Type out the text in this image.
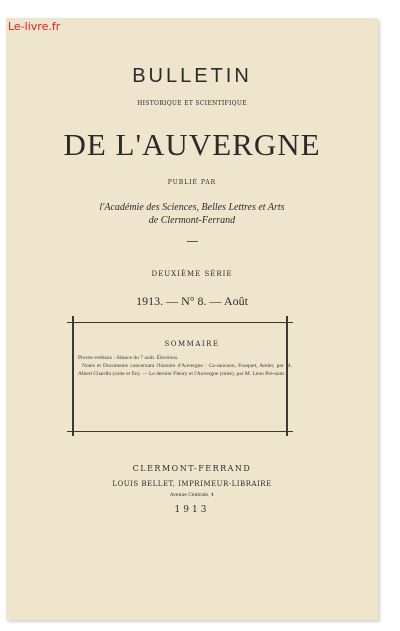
Le-livre.fr
BULLETIN
HISTORIQUE ET SCIENTIFIQUE
DE L'AUVERGNE
PUBLIÉ PAR
l'Académie des Sciences, Belles Lettres et Arts
de Clermont-Ferrand
DEUXIÈME SÉRIE
1913. — N° 8. — Août
SOMMAIRE

Procès-verbaux : Séance du 7 août. Élections.

Notes et Documents concernant l'histoire d'Auvergne : Ca-sauvaon, Fouquet, Amier, par M. Albert Chardin (suite et fin). — Le dernier Fleury et l'Auvergne (suite), par M. Léon Pré-nant.

CLERMONT-FERRAND
LOUIS BELLET, IMPRIMEUR-LIBRAIRE
Avenue Centrale, 4
1913
